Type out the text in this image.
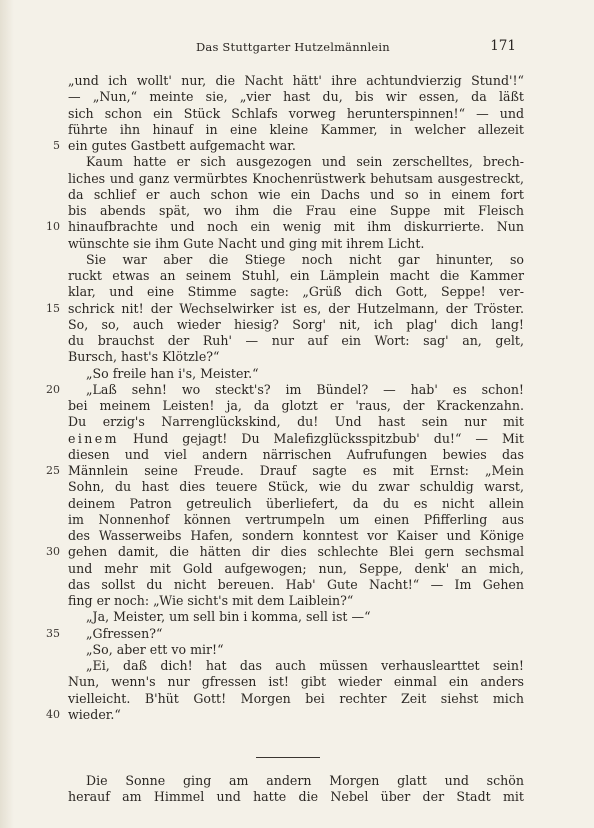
Das Stuttgarter Hutzelmännlein	171
„und ich wollt' nur, die Nacht hätt' ihre achtundvierzig Stund'!“
— „Nun,“ meinte sie, „vier hast du, bis wir essen, da läßt
sich schon ein Stück Schlafs vorweg herunterspinnen!“ — und
führte ihn hinauf in eine kleine Kammer, in welcher allezeit
5 ein gutes Gastbett aufgemacht war.
Kaum hatte er sich ausgezogen und sein zerschelltes, brech-
liches und ganz vermürbtes Knochenrüstwerk behutsam ausgestreckt,
da schlief er auch schon wie ein Dachs und so in einem fort
bis abends spät, wo ihm die Frau eine Suppe mit Fleisch
10 hinaufbrachte und noch ein wenig mit ihm diskurrierte. Nun
wünschte sie ihm Gute Nacht und ging mit ihrem Licht.
Sie war aber die Stiege noch nicht gar hinunter, so
ruckt etwas an seinem Stuhl, ein Lämplein macht die Kammer
klar, und eine Stimme sagte: „Grüß dich Gott, Seppe! ver-
15 schrick nit! der Wechselwirker ist es, der Hutzelmann, der Tröster.
So, so, auch wieder hiesig? Sorg' nit, ich plag' dich lang!
du brauchst der Ruh' — nur auf ein Wort: sag' an, gelt,
Bursch, hast's Klötzle?“
„So freile han i's, Meister.“
20 „Laß sehn! wo steckt's? im Bündel? — hab' es schon!
bei meinem Leisten! ja, da glotzt er 'raus, der Krackenzahn.
Du erzig's Narrenglückskind, du! Und hast sein nur mit
einem Hund gejagt! Du Malefizglücksspitzbub' du!“ — Mit
diesen und viel andern närrischen Aufrufungen bewies das
25 Männlein seine Freude. Drauf sagte es mit Ernst: „Mein
Sohn, du hast dies teuere Stück, wie du zwar schuldig warst,
deinem Patron getreulich überliefert, da du es nicht allein
im Nonnenhof können vertrumpeln um einen Pfifferling aus
des Wasserweibs Hafen, sondern konntest vor Kaiser und Könige
30 gehen damit, die hätten dir dies schlechte Blei gern sechsmal
und mehr mit Gold aufgewogen; nun, Seppe, denk' an mich,
das sollst du nicht bereuen. Hab' Gute Nacht!“ — Im Gehen
fing er noch: „Wie sicht's mit dem Laiblein?“
„Ja, Meister, um sell bin i komma, sell ist —“
35 „Gfressen?“
„So, aber ett vo mir!“
„Ei, daß dich! hat das auch müssen verhauslearttet sein!
Nun, wenn's nur gfressen ist! gibt wieder einmal ein anders
vielleicht. B'hüt Gott! Morgen bei rechter Zeit siehst mich
40 wieder.“
Die Sonne ging am andern Morgen glatt und schön
herauf am Himmel und hatte die Nebel über der Stadt mit
